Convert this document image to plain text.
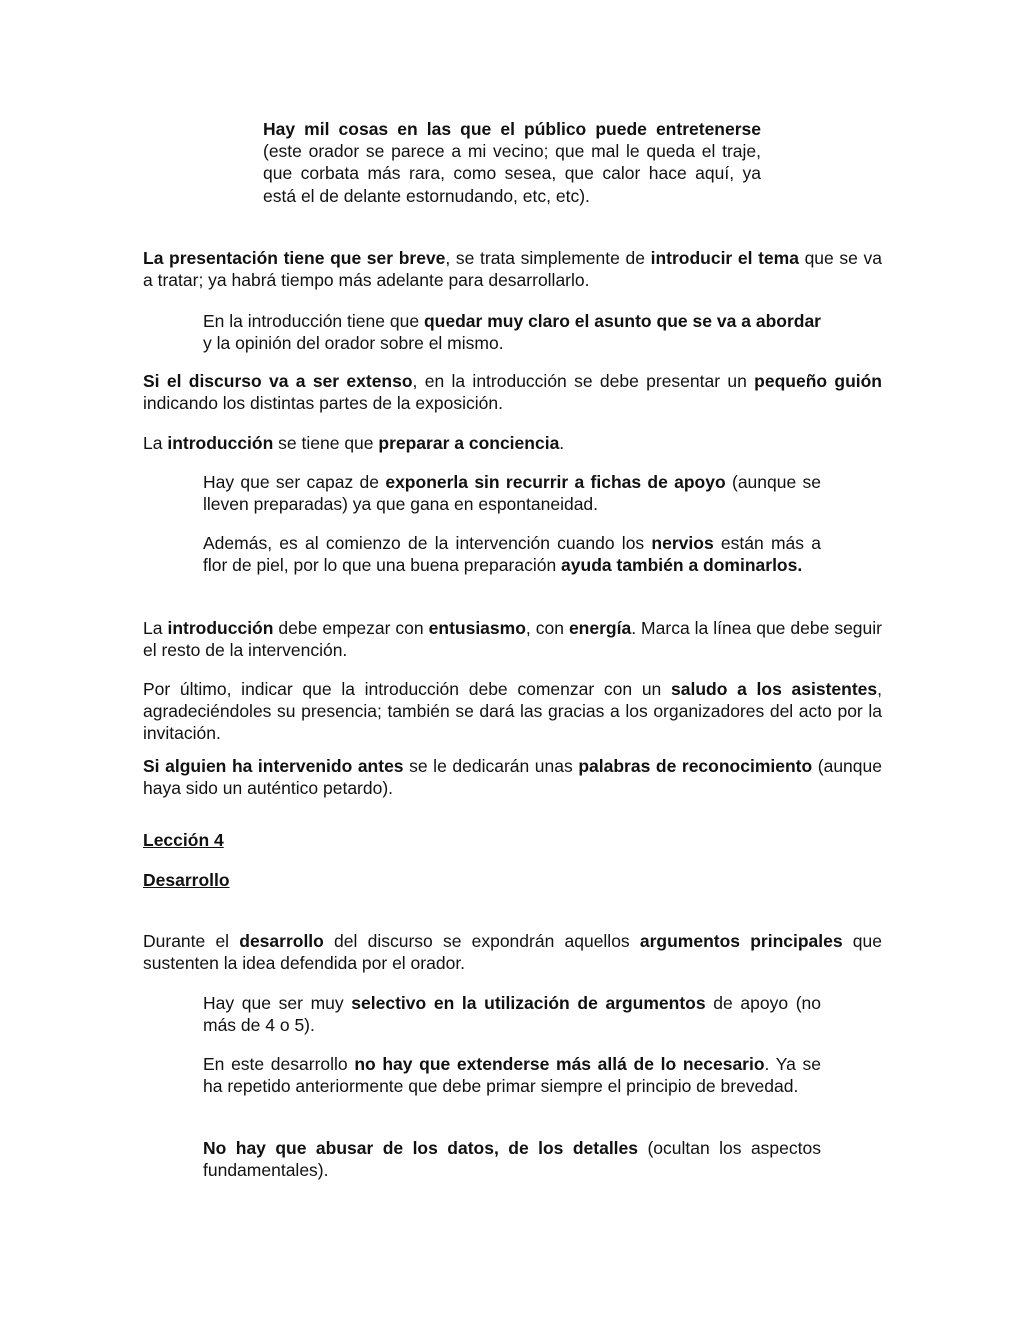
Hay mil cosas en las que el público puede entretenerse (este orador se parece a mi vecino; que mal le queda el traje, que corbata más rara, como sesea, que calor hace aquí, ya está el de delante estornudando, etc, etc).

La presentación tiene que ser breve, se trata simplemente de introducir el tema que se va a tratar; ya habrá tiempo más adelante para desarrollarlo.

En la introducción tiene que quedar muy claro el asunto que se va a abordar y la opinión del orador sobre el mismo.

Si el discurso va a ser extenso, en la introducción se debe presentar un pequeño guión indicando los distintas partes de la exposición.

La introducción se tiene que preparar a conciencia.

Hay que ser capaz de exponerla sin recurrir a fichas de apoyo (aunque se lleven preparadas) ya que gana en espontaneidad.

Además, es al comienzo de la intervención cuando los nervios están más a flor de piel, por lo que una buena preparación ayuda también a dominarlos.

La introducción debe empezar con entusiasmo, con energía. Marca la línea que debe seguir el resto de la intervención.

Por último, indicar que la introducción debe comenzar con un saludo a los asistentes, agradeciéndoles su presencia; también se dará las gracias a los organizadores del acto por la invitación.

Si alguien ha intervenido antes se le dedicarán unas palabras de reconocimiento (aunque haya sido un auténtico petardo).

Lección 4

Desarrollo

Durante el desarrollo del discurso se expondrán aquellos argumentos principales que sustenten la idea defendida por el orador.

Hay que ser muy selectivo en la utilización de argumentos de apoyo (no más de 4 o 5).

En este desarrollo no hay que extenderse más allá de lo necesario. Ya se ha repetido anteriormente que debe primar siempre el principio de brevedad.

No hay que abusar de los datos, de los detalles (ocultan los aspectos fundamentales).
